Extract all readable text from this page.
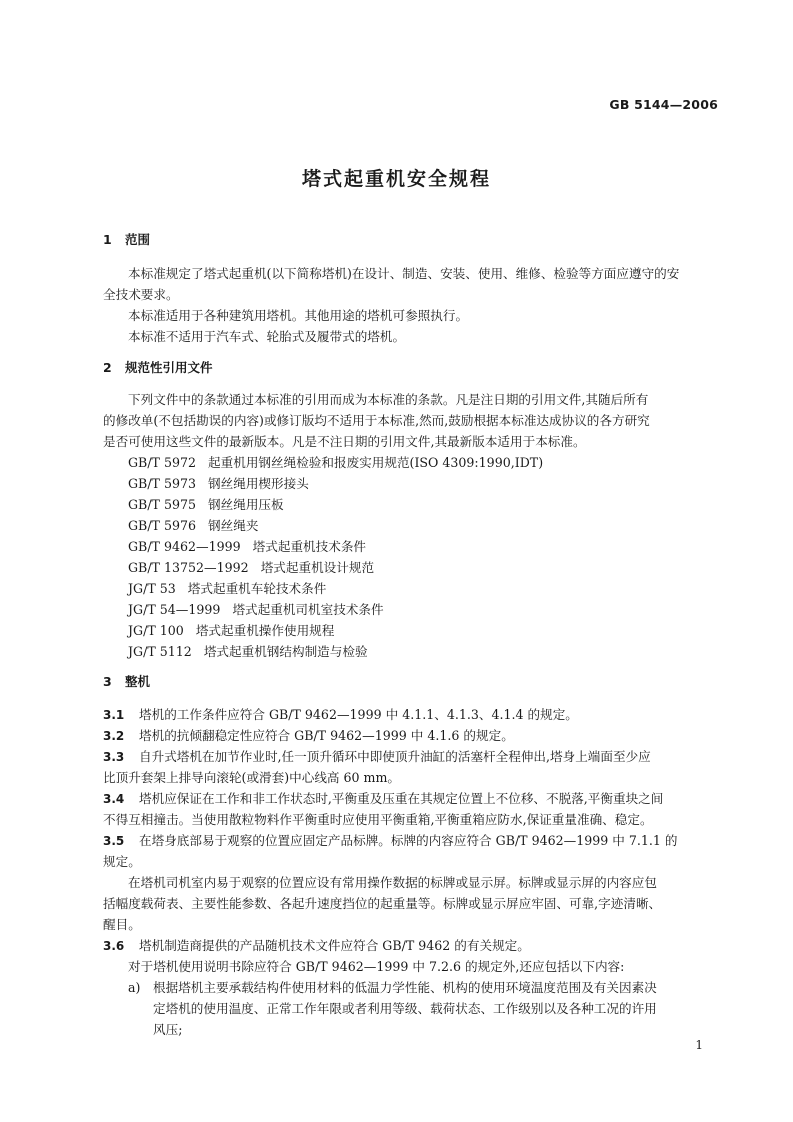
GB 5144—2006
塔式起重机安全规程
1 范围
本标准规定了塔式起重机(以下简称塔机)在设计、制造、安装、使用、维修、检验等方面应遵守的安
全技术要求。
本标准适用于各种建筑用塔机。其他用途的塔机可参照执行。
本标准不适用于汽车式、轮胎式及履带式的塔机。
2 规范性引用文件
下列文件中的条款通过本标准的引用而成为本标准的条款。凡是注日期的引用文件,其随后所有
的修改单(不包括勘误的内容)或修订版均不适用于本标准,然而,鼓励根据本标准达成协议的各方研究
是否可使用这些文件的最新版本。凡是不注日期的引用文件,其最新版本适用于本标准。
GB/T 5972 起重机用钢丝绳检验和报废实用规范(ISO 4309:1990,IDT)
GB/T 5973 钢丝绳用楔形接头
GB/T 5975 钢丝绳用压板
GB/T 5976 钢丝绳夹
GB/T 9462—1999 塔式起重机技术条件
GB/T 13752—1992 塔式起重机设计规范
JG/T 53 塔式起重机车轮技术条件
JG/T 54—1999 塔式起重机司机室技术条件
JG/T 100 塔式起重机操作使用规程
JG/T 5112 塔式起重机钢结构制造与检验
3 整机
3.1 塔机的工作条件应符合 GB/T 9462—1999 中 4.1.1、4.1.3、4.1.4 的规定。
3.2 塔机的抗倾翻稳定性应符合 GB/T 9462—1999 中 4.1.6 的规定。
3.3 自升式塔机在加节作业时,任一顶升循环中即使顶升油缸的活塞杆全程伸出,塔身上端面至少应
比顶升套架上排导向滚轮(或滑套)中心线高 60 mm。
3.4 塔机应保证在工作和非工作状态时,平衡重及压重在其规定位置上不位移、不脱落,平衡重块之间
不得互相撞击。当使用散粒物料作平衡重时应使用平衡重箱,平衡重箱应防水,保证重量准确、稳定。
3.5 在塔身底部易于观察的位置应固定产品标牌。标牌的内容应符合 GB/T 9462—1999 中 7.1.1 的
规定。
在塔机司机室内易于观察的位置应设有常用操作数据的标牌或显示屏。标牌或显示屏的内容应包
括幅度载荷表、主要性能参数、各起升速度挡位的起重量等。标牌或显示屏应牢固、可靠,字迹清晰、
醒目。
3.6 塔机制造商提供的产品随机技术文件应符合 GB/T 9462 的有关规定。
对于塔机使用说明书除应符合 GB/T 9462—1999 中 7.2.6 的规定外,还应包括以下内容:
a) 根据塔机主要承载结构件使用材料的低温力学性能、机构的使用环境温度范围及有关因素决
定塔机的使用温度、正常工作年限或者利用等级、载荷状态、工作级别以及各种工况的许用
风压;
1
